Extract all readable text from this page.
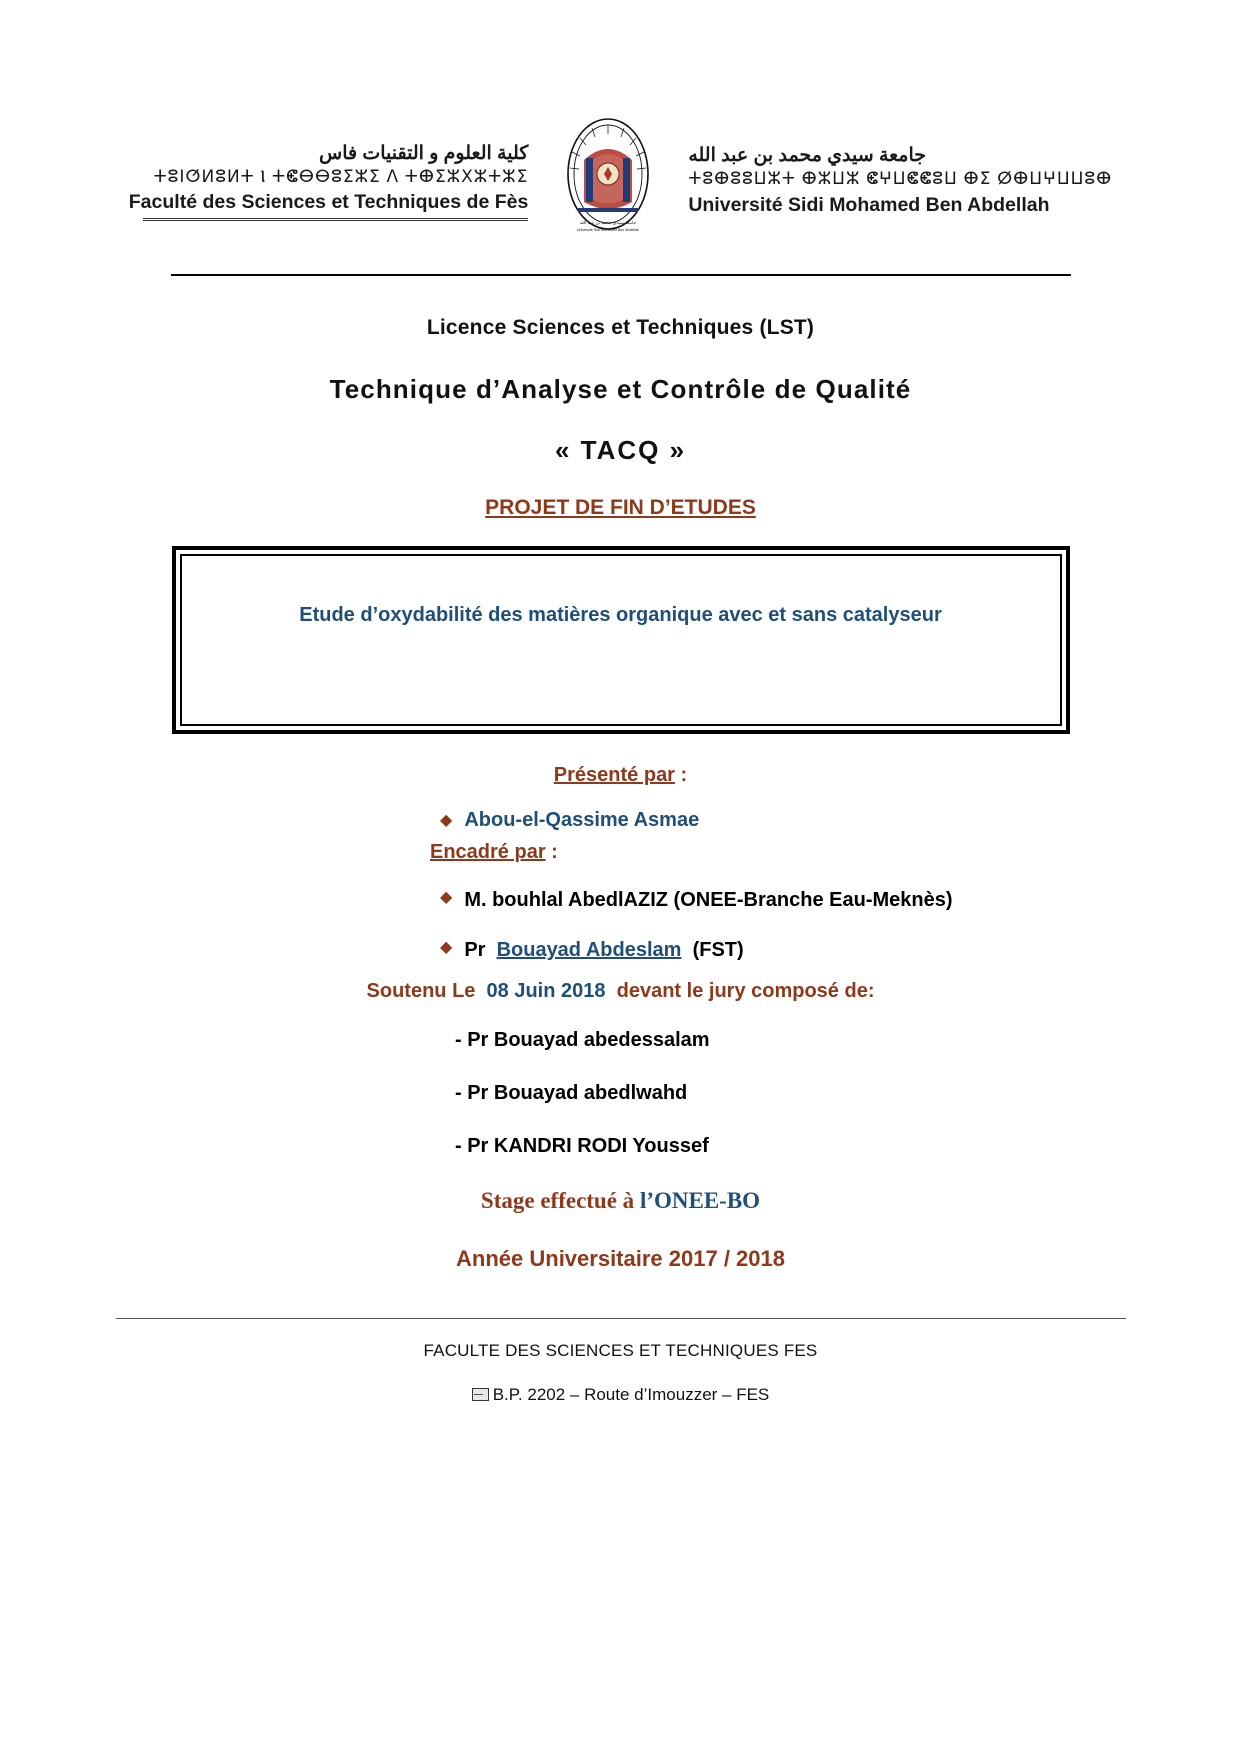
كلية العلوم و التقنيات فاس
ⵜⵓⵏⵚⵍⵓⵍⵜ Ⲓ ⵜⵞⴱⴱⵓⵉⵣⵉ ⴷ ⵜⴲⵉⵣⵝⵣⵜⵣⵉ
Faculté des Sciences et Techniques de Fès
جامعة سيدي محمد بن عبد الله
Université Sidi Mohamed Ben Abdellah
جامعة سيدي محمد بن عبد الله
ⵜⵓⴲⵓⵓⵡⵣⵜ ⴲⵣⵡⵣ ⵞⵖⵡⵞⵞⵓⵡ ⴲⵉ ⵁⴲⵡⵖⵡⵡⵓⴲ
Université Sidi Mohamed Ben Abdellah
Licence Sciences et Techniques (LST)
Technique d’Analyse et Contrôle de Qualité
« TACQ »
PROJET DE FIN D’ETUDES
Etude d’oxydabilité des matières organique avec et sans catalyseur
Présenté par :
◆ Abou-el-Qassime Asmae
Encadré par :
◆ M. bouhlal AbedlAZIZ (ONEE-Branche Eau-Meknès)
◆ Pr Bouayad Abdeslam (FST)
Soutenu Le 08 Juin 2018 devant le jury composé de:
- Pr Bouayad abedessalam
- Pr Bouayad abedlwahd
- Pr KANDRI RODI Youssef
Stage effectué à l’ONEE-BO
Année Universitaire 2017 / 2018
FACULTE DES SCIENCES ET TECHNIQUES FES
B.P. 2202 – Route d’Imouzzer – FES
